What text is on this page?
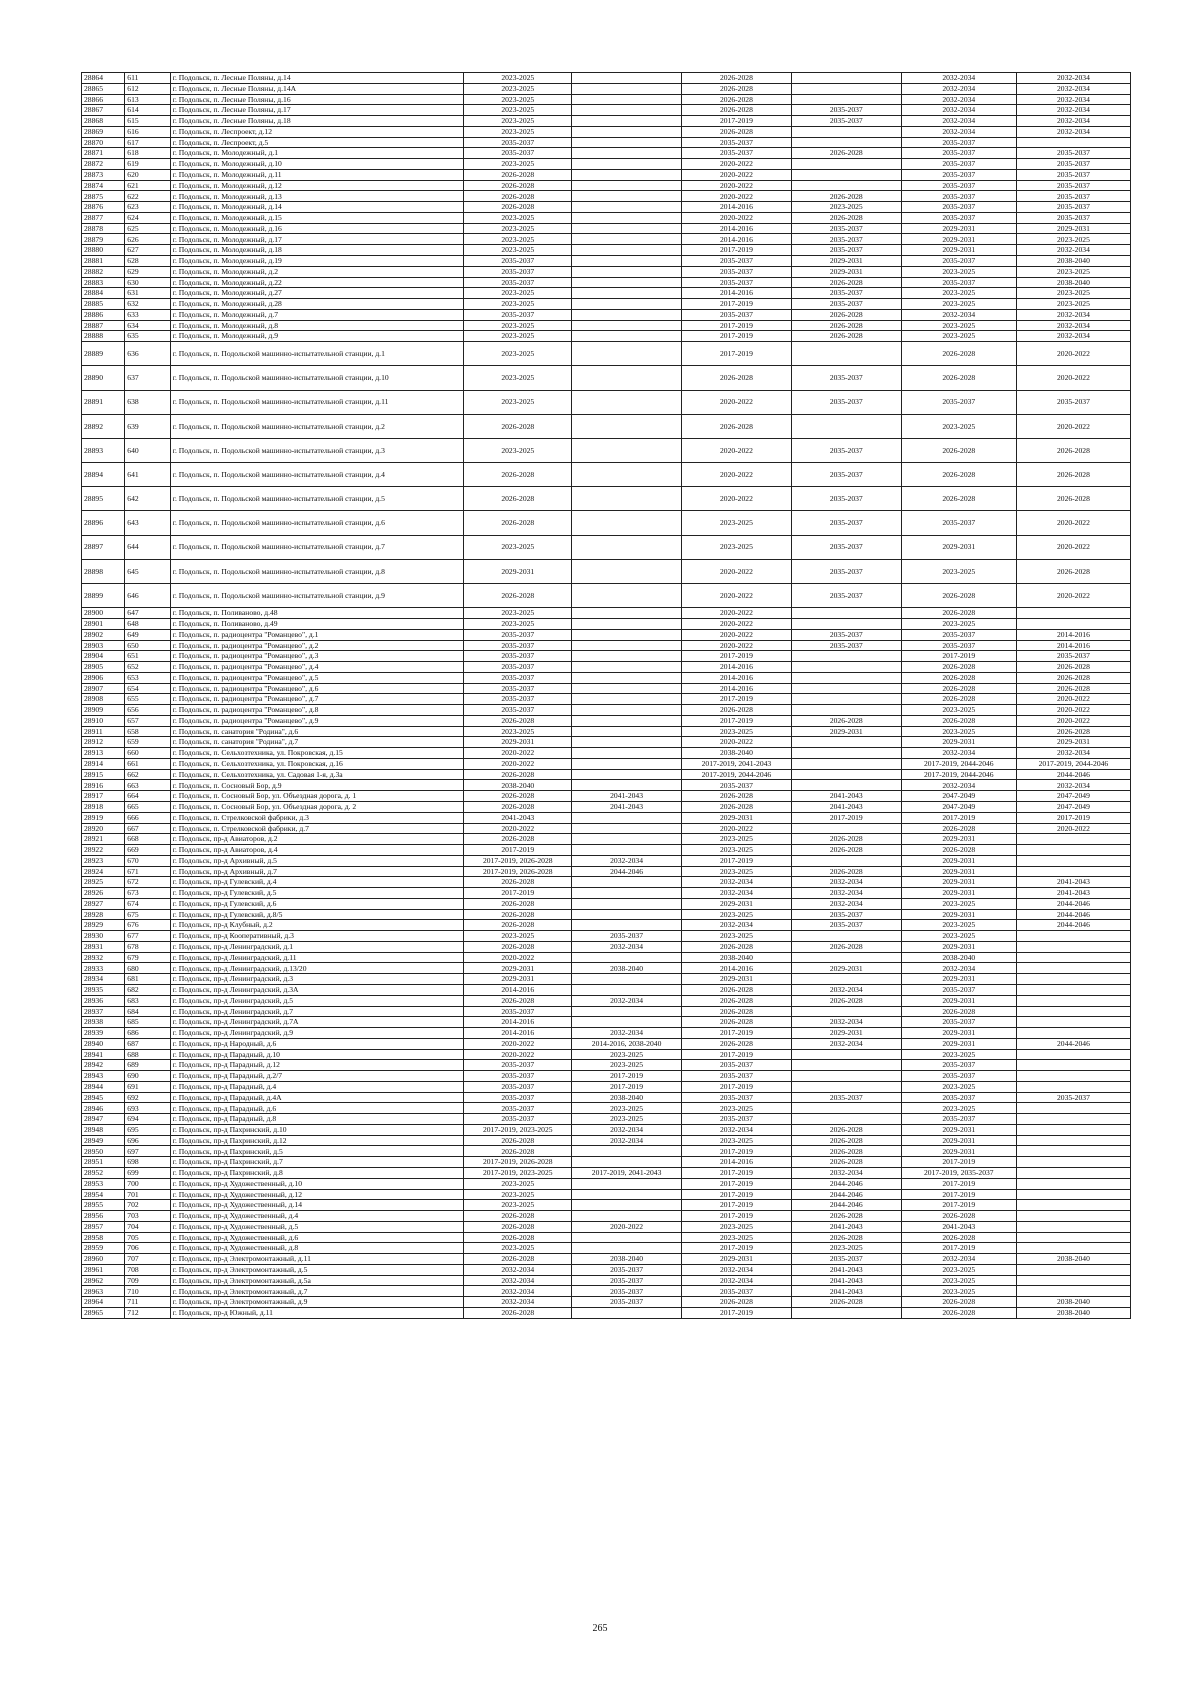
28864	611	г. Подольск, п. Лесные Поляны, д.14	2023-2025		2026-2028		2032-2034	2032-2034
28865	612	г. Подольск, п. Лесные Поляны, д.14А	2023-2025		2026-2028		2032-2034	2032-2034
28866	613	г. Подольск, п. Лесные Поляны, д.16	2023-2025		2026-2028		2032-2034	2032-2034
28867	614	г. Подольск, п. Лесные Поляны, д.17	2023-2025		2026-2028	2035-2037	2032-2034	2032-2034
28868	615	г. Подольск, п. Лесные Поляны, д.18	2023-2025		2017-2019	2035-2037	2032-2034	2032-2034
28869	616	г. Подольск, п. Леспроект, д.12	2023-2025		2026-2028		2032-2034	2032-2034
28870	617	г. Подольск, п. Леспроект, д.5	2035-2037		2035-2037		2035-2037	
28871	618	г. Подольск, п. Молодежный, д.1	2035-2037		2035-2037	2026-2028	2035-2037	2035-2037
28872	619	г. Подольск, п. Молодежный, д.10	2023-2025		2020-2022		2035-2037	2035-2037
28873	620	г. Подольск, п. Молодежный, д.11	2026-2028		2020-2022		2035-2037	2035-2037
28874	621	г. Подольск, п. Молодежный, д.12	2026-2028		2020-2022		2035-2037	2035-2037
28875	622	г. Подольск, п. Молодежный, д.13	2026-2028		2020-2022	2026-2028	2035-2037	2035-2037
28876	623	г. Подольск, п. Молодежный, д.14	2026-2028		2014-2016	2023-2025	2035-2037	2035-2037
28877	624	г. Подольск, п. Молодежный, д.15	2023-2025		2020-2022	2026-2028	2035-2037	2035-2037
28878	625	г. Подольск, п. Молодежный, д.16	2023-2025		2014-2016	2035-2037	2029-2031	2029-2031
28879	626	г. Подольск, п. Молодежный, д.17	2023-2025		2014-2016	2035-2037	2029-2031	2023-2025
28880	627	г. Подольск, п. Молодежный, д.18	2023-2025		2017-2019	2035-2037	2029-2031	2032-2034
28881	628	г. Подольск, п. Молодежный, д.19	2035-2037		2035-2037	2029-2031	2035-2037	2038-2040
28882	629	г. Подольск, п. Молодежный, д.2	2035-2037		2035-2037	2029-2031	2023-2025	2023-2025
28883	630	г. Подольск, п. Молодежный, д.22	2035-2037		2035-2037	2026-2028	2035-2037	2038-2040
28884	631	г. Подольск, п. Молодежный, д.27	2023-2025		2014-2016	2035-2037	2023-2025	2023-2025
28885	632	г. Подольск, п. Молодежный, д.28	2023-2025		2017-2019	2035-2037	2023-2025	2023-2025
28886	633	г. Подольск, п. Молодежный, д.7	2035-2037		2035-2037	2026-2028	2032-2034	2032-2034
28887	634	г. Подольск, п. Молодежный, д.8	2023-2025		2017-2019	2026-2028	2023-2025	2032-2034
28888	635	г. Подольск, п. Молодежный, д.9	2023-2025		2017-2019	2026-2028	2023-2025	2032-2034
28889	636	г. Подольск, п. Подольской машинно-испытательной станции, д.1	2023-2025		2017-2019		2026-2028	2020-2022
28890	637	г. Подольск, п. Подольской машинно-испытательной станции, д.10	2023-2025		2026-2028	2035-2037	2026-2028	2020-2022
28891	638	г. Подольск, п. Подольской машинно-испытательной станции, д.11	2023-2025		2020-2022	2035-2037	2035-2037	2035-2037
28892	639	г. Подольск, п. Подольской машинно-испытательной станции, д.2	2026-2028		2026-2028		2023-2025	2020-2022
28893	640	г. Подольск, п. Подольской машинно-испытательной станции, д.3	2023-2025		2020-2022	2035-2037	2026-2028	2026-2028
28894	641	г. Подольск, п. Подольской машинно-испытательной станции, д.4	2026-2028		2020-2022	2035-2037	2026-2028	2026-2028
28895	642	г. Подольск, п. Подольской машинно-испытательной станции, д.5	2026-2028		2020-2022	2035-2037	2026-2028	2026-2028
28896	643	г. Подольск, п. Подольской машинно-испытательной станции, д.6	2026-2028		2023-2025	2035-2037	2035-2037	2020-2022
28897	644	г. Подольск, п. Подольской машинно-испытательной станции, д.7	2023-2025		2023-2025	2035-2037	2029-2031	2020-2022
28898	645	г. Подольск, п. Подольской машинно-испытательной станции, д.8	2029-2031		2020-2022	2035-2037	2023-2025	2026-2028
28899	646	г. Подольск, п. Подольской машинно-испытательной станции, д.9	2026-2028		2020-2022	2035-2037	2026-2028	2020-2022
28900	647	г. Подольск, п. Поливаново, д.48	2023-2025		2020-2022		2026-2028	
28901	648	г. Подольск, п. Поливаново, д.49	2023-2025		2020-2022		2023-2025	
28902	649	г. Подольск, п. радиоцентра "Романцево", д.1	2035-2037		2020-2022	2035-2037	2035-2037	2014-2016
28903	650	г. Подольск, п. радиоцентра "Романцево", д.2	2035-2037		2020-2022	2035-2037	2035-2037	2014-2016
28904	651	г. Подольск, п. радиоцентра "Романцево", д.3	2035-2037		2017-2019		2017-2019	2035-2037
28905	652	г. Подольск, п. радиоцентра "Романцево", д.4	2035-2037		2014-2016		2026-2028	2026-2028
28906	653	г. Подольск, п. радиоцентра "Романцево", д.5	2035-2037		2014-2016		2026-2028	2026-2028
28907	654	г. Подольск, п. радиоцентра "Романцево", д.6	2035-2037		2014-2016		2026-2028	2026-2028
28908	655	г. Подольск, п. радиоцентра "Романцево", д.7	2035-2037		2017-2019		2026-2028	2020-2022
28909	656	г. Подольск, п. радиоцентра "Романцево", д.8	2035-2037		2026-2028		2023-2025	2020-2022
28910	657	г. Подольск, п. радиоцентра "Романцево", д.9	2026-2028		2017-2019	2026-2028	2026-2028	2020-2022
28911	658	г. Подольск, п. санатория "Родина", д.6	2023-2025		2023-2025	2029-2031	2023-2025	2026-2028
28912	659	г. Подольск, п. санатория "Родина", д.7	2029-2031		2020-2022		2029-2031	2029-2031
28913	660	г. Подольск, п. Сельхозтехника, ул. Покровская, д.15	2020-2022		2038-2040		2032-2034	2032-2034
28914	661	г. Подольск, п. Сельхозтехника, ул. Покровская, д.16	2020-2022		2017-2019, 2041-2043		2017-2019, 2044-2046	2017-2019, 2044-2046
28915	662	г. Подольск, п. Сельхозтехника, ул. Садовая 1-я, д.3а	2026-2028		2017-2019, 2044-2046		2017-2019, 2044-2046	2044-2046
28916	663	г. Подольск, п. Сосновый Бор, д.9	2038-2040		2035-2037		2032-2034	2032-2034
28917	664	г. Подольск, п. Сосновый Бор, ул. Объездная дорога, д. 1	2026-2028	2041-2043	2026-2028	2041-2043	2047-2049	2047-2049
28918	665	г. Подольск, п. Сосновый Бор, ул. Объездная дорога, д. 2	2026-2028	2041-2043	2026-2028	2041-2043	2047-2049	2047-2049
28919	666	г. Подольск, п. Стрелковской фабрики, д.3	2041-2043		2029-2031	2017-2019	2017-2019	2017-2019
28920	667	г. Подольск, п. Стрелковской фабрики, д.7	2020-2022		2020-2022		2026-2028	2020-2022
28921	668	г. Подольск, пр-д Авиаторов, д.2	2026-2028		2023-2025	2026-2028	2029-2031	
28922	669	г. Подольск, пр-д Авиаторов, д.4	2017-2019		2023-2025	2026-2028	2026-2028	
28923	670	г. Подольск, пр-д Архивный, д.5	2017-2019, 2026-2028	2032-2034	2017-2019		2029-2031	
28924	671	г. Подольск, пр-д Архивный, д.7	2017-2019, 2026-2028	2044-2046	2023-2025	2026-2028	2029-2031	
28925	672	г. Подольск, пр-д Гулевский, д.4	2026-2028		2032-2034	2032-2034	2029-2031	2041-2043
28926	673	г. Подольск, пр-д Гулевский, д.5	2017-2019		2032-2034	2032-2034	2029-2031	2041-2043
28927	674	г. Подольск, пр-д Гулевский, д.6	2026-2028		2029-2031	2032-2034	2023-2025	2044-2046
28928	675	г. Подольск, пр-д Гулевский, д.8/5	2026-2028		2023-2025	2035-2037	2029-2031	2044-2046
28929	676	г. Подольск, пр-д Клубный, д.2	2026-2028		2032-2034	2035-2037	2023-2025	2044-2046
28930	677	г. Подольск, пр-д Кооперативный, д.3	2023-2025	2035-2037	2023-2025		2023-2025	
28931	678	г. Подольск, пр-д Ленинградский, д.1	2026-2028	2032-2034	2026-2028	2026-2028	2029-2031	
28932	679	г. Подольск, пр-д Ленинградский, д.11	2020-2022		2038-2040		2038-2040	
28933	680	г. Подольск, пр-д Ленинградский, д.13/20	2029-2031	2038-2040	2014-2016	2029-2031	2032-2034	
28934	681	г. Подольск, пр-д Ленинградский, д.3	2029-2031		2029-2031		2029-2031	
28935	682	г. Подольск, пр-д Ленинградский, д.3А	2014-2016		2026-2028	2032-2034	2035-2037	
28936	683	г. Подольск, пр-д Ленинградский, д.5	2026-2028	2032-2034	2026-2028	2026-2028	2029-2031	
28937	684	г. Подольск, пр-д Ленинградский, д.7	2035-2037		2026-2028		2026-2028	
28938	685	г. Подольск, пр-д Ленинградский, д.7А	2014-2016		2026-2028	2032-2034	2035-2037	
28939	686	г. Подольск, пр-д Ленинградский, д.9	2014-2016	2032-2034	2017-2019	2029-2031	2029-2031	
28940	687	г. Подольск, пр-д Народный, д.6	2020-2022	2014-2016, 2038-2040	2026-2028	2032-2034	2029-2031	2044-2046
28941	688	г. Подольск, пр-д Парадный, д.10	2020-2022	2023-2025	2017-2019		2023-2025	
28942	689	г. Подольск, пр-д Парадный, д.12	2035-2037	2023-2025	2035-2037		2035-2037	
28943	690	г. Подольск, пр-д Парадный, д.2/7	2035-2037	2017-2019	2035-2037		2035-2037	
28944	691	г. Подольск, пр-д Парадный, д.4	2035-2037	2017-2019	2017-2019		2023-2025	
28945	692	г. Подольск, пр-д Парадный, д.4А	2035-2037	2038-2040	2035-2037	2035-2037	2035-2037	2035-2037
28946	693	г. Подольск, пр-д Парадный, д.6	2035-2037	2023-2025	2023-2025		2023-2025	
28947	694	г. Подольск, пр-д Парадный, д.8	2035-2037	2023-2025	2035-2037		2035-2037	
28948	695	г. Подольск, пр-д Пахринский, д.10	2017-2019, 2023-2025	2032-2034	2032-2034	2026-2028	2029-2031	
28949	696	г. Подольск, пр-д Пахринский, д.12	2026-2028	2032-2034	2023-2025	2026-2028	2029-2031	
28950	697	г. Подольск, пр-д Пахринский, д.5	2026-2028		2017-2019	2026-2028	2029-2031	
28951	698	г. Подольск, пр-д Пахринский, д.7	2017-2019, 2026-2028		2014-2016	2026-2028	2017-2019	
28952	699	г. Подольск, пр-д Пахринский, д.8	2017-2019, 2023-2025	2017-2019, 2041-2043	2017-2019	2032-2034	2017-2019, 2035-2037	
28953	700	г. Подольск, пр-д Художественный, д.10	2023-2025		2017-2019	2044-2046	2017-2019	
28954	701	г. Подольск, пр-д Художественный, д.12	2023-2025		2017-2019	2044-2046	2017-2019	
28955	702	г. Подольск, пр-д Художественный, д.14	2023-2025		2017-2019	2044-2046	2017-2019	
28956	703	г. Подольск, пр-д Художественный, д.4	2026-2028		2017-2019	2026-2028	2026-2028	
28957	704	г. Подольск, пр-д Художественный, д.5	2026-2028	2020-2022	2023-2025	2041-2043	2041-2043	
28958	705	г. Подольск, пр-д Художественный, д.6	2026-2028		2023-2025	2026-2028	2026-2028	
28959	706	г. Подольск, пр-д Художественный, д.8	2023-2025		2017-2019	2023-2025	2017-2019	
28960	707	г. Подольск, пр-д Электромонтажный, д.11	2026-2028	2038-2040	2029-2031	2035-2037	2032-2034	2038-2040
28961	708	г. Подольск, пр-д Электромонтажный, д.5	2032-2034	2035-2037	2032-2034	2041-2043	2023-2025	
28962	709	г. Подольск, пр-д Электромонтажный, д.5а	2032-2034	2035-2037	2032-2034	2041-2043	2023-2025	
28963	710	г. Подольск, пр-д Электромонтажный, д.7	2032-2034	2035-2037	2035-2037	2041-2043	2023-2025	
28964	711	г. Подольск, пр-д Электромонтажный, д.9	2032-2034	2035-2037	2026-2028	2026-2028	2026-2028	2038-2040
28965	712	г. Подольск, пр-д Южный, д.11	2026-2028		2017-2019		2026-2028	2038-2040
265
